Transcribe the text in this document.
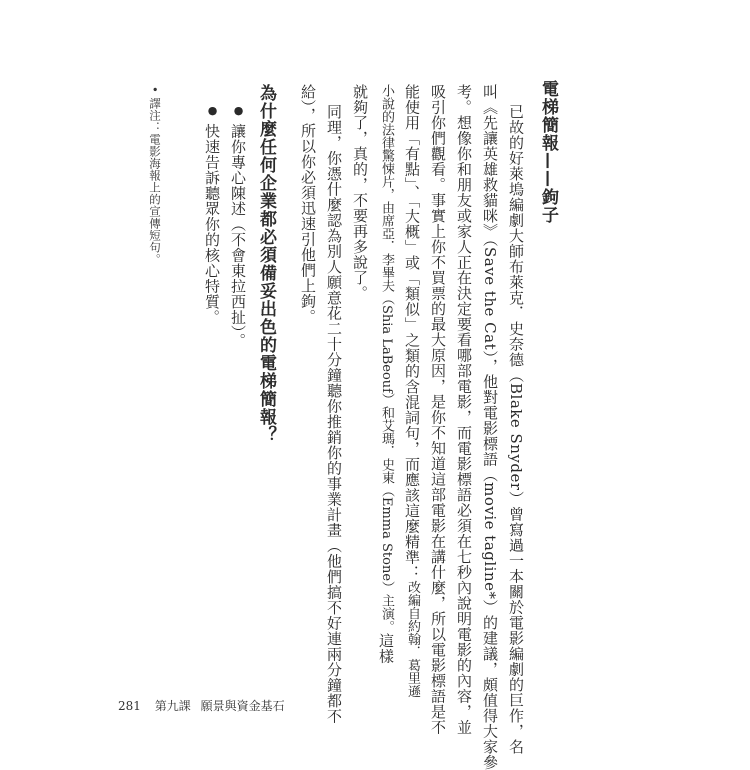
電梯簡報——鉤子
已故的好萊塢編劇大師布萊克．史奈德（Blake Snyder）曾寫過一本關於電影編劇的巨作，名
叫《先讓英雄救貓咪》（Save the Cat），他對電影標語（movie tagline*）的建議，頗值得大家參
考。想像你和朋友或家人正在決定要看哪部電影，而電影標語必須在七秒內說明電影的內容，並
吸引你們觀看。事實上你不買票的最大原因，是你不知道這部電影在講什麼，所以電影標語是不
能使用「有點」、「大概」或「類似」之類的含混詞句，而應該這麼精準：改編自約翰．葛里遜
小說的法律驚悚片，由席亞．李畢夫（Shia LaBeouf）和艾瑪．史東（Emma Stone）主演。這樣
就夠了，真的，不要再多說了。
同理，你憑什麼認為別人願意花二十分鐘聽你推銷你的事業計畫（他們搞不好連兩分鐘都不
給），所以你必須迅速引他們上鉤。
為什麼任何企業都必須備妥出色的電梯簡報？
● 讓你專心陳述（不會東拉西扯）。
● 快速告訴聽眾你的核心特質。
• 譯注：電影海報上的宣傳短句。
281 第九課 願景與資金基石
